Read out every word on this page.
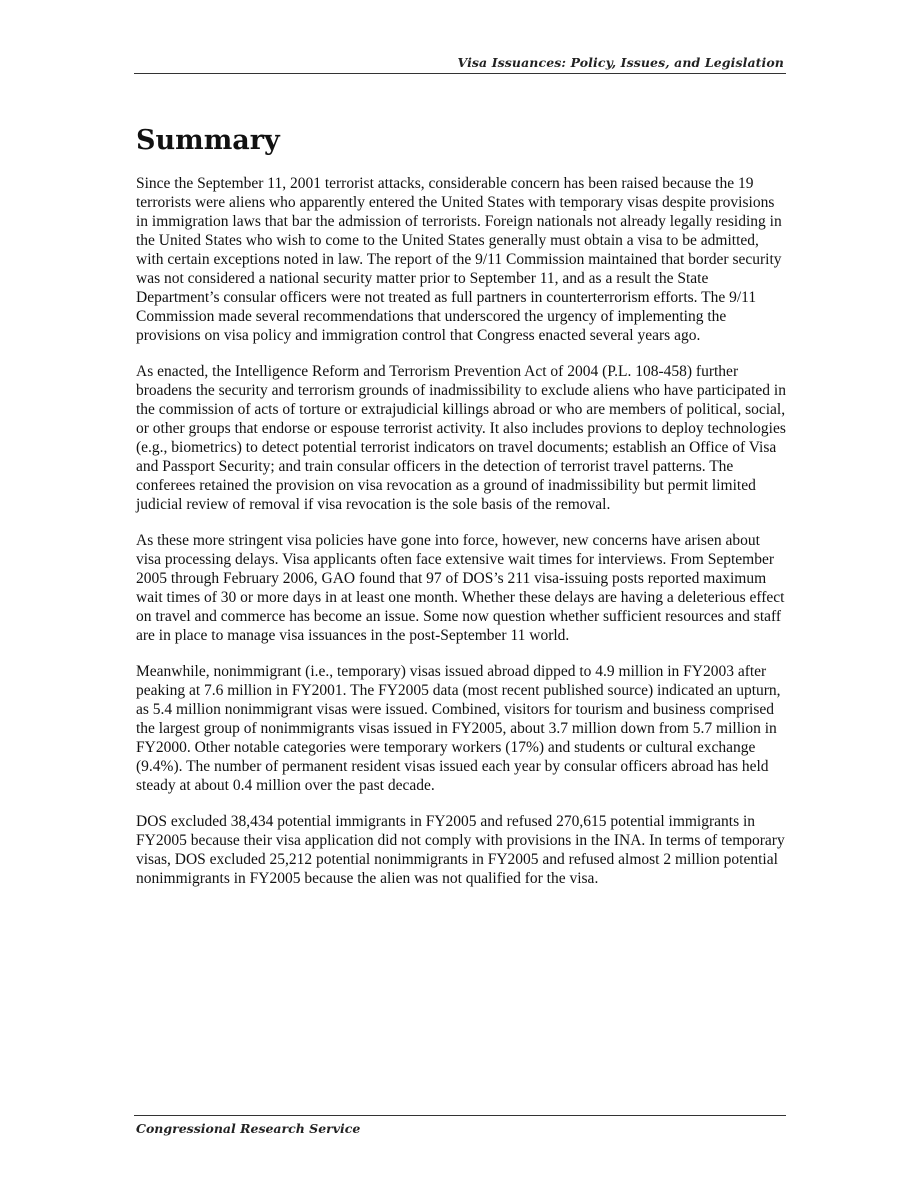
Visa Issuances: Policy, Issues, and Legislation
Summary

Since the September 11, 2001 terrorist attacks, considerable concern has been raised because the 19 terrorists were aliens who apparently entered the United States with temporary visas despite provisions in immigration laws that bar the admission of terrorists. Foreign nationals not already legally residing in the United States who wish to come to the United States generally must obtain a visa to be admitted, with certain exceptions noted in law. The report of the 9/11 Commission maintained that border security was not considered a national security matter prior to September 11, and as a result the State Department’s consular officers were not treated as full partners in counterterrorism efforts. The 9/11 Commission made several recommendations that underscored the urgency of implementing the provisions on visa policy and immigration control that Congress enacted several years ago.

As enacted, the Intelligence Reform and Terrorism Prevention Act of 2004 (P.L. 108-458) further broadens the security and terrorism grounds of inadmissibility to exclude aliens who have participated in the commission of acts of torture or extrajudicial killings abroad or who are members of political, social, or other groups that endorse or espouse terrorist activity. It also includes provions to deploy technologies (e.g., biometrics) to detect potential terrorist indicators on travel documents; establish an Office of Visa and Passport Security; and train consular officers in the detection of terrorist travel patterns. The conferees retained the provision on visa revocation as a ground of inadmissibility but permit limited judicial review of removal if visa revocation is the sole basis of the removal.

As these more stringent visa policies have gone into force, however, new concerns have arisen about visa processing delays. Visa applicants often face extensive wait times for interviews. From September 2005 through February 2006, GAO found that 97 of DOS’s 211 visa-issuing posts reported maximum wait times of 30 or more days in at least one month. Whether these delays are having a deleterious effect on travel and commerce has become an issue. Some now question whether sufficient resources and staff are in place to manage visa issuances in the post-September 11 world.

Meanwhile, nonimmigrant (i.e., temporary) visas issued abroad dipped to 4.9 million in FY2003 after peaking at 7.6 million in FY2001. The FY2005 data (most recent published source) indicated an upturn, as 5.4 million nonimmigrant visas were issued. Combined, visitors for tourism and business comprised the largest group of nonimmigrants visas issued in FY2005, about 3.7 million down from 5.7 million in FY2000. Other notable categories were temporary workers (17%) and students or cultural exchange (9.4%). The number of permanent resident visas issued each year by consular officers abroad has held steady at about 0.4 million over the past decade.

DOS excluded 38,434 potential immigrants in FY2005 and refused 270,615 potential immigrants in FY2005 because their visa application did not comply with provisions in the INA. In terms of temporary visas, DOS excluded 25,212 potential nonimmigrants in FY2005 and refused almost 2 million potential nonimmigrants in FY2005 because the alien was not qualified for the visa.

Congressional Research Service
